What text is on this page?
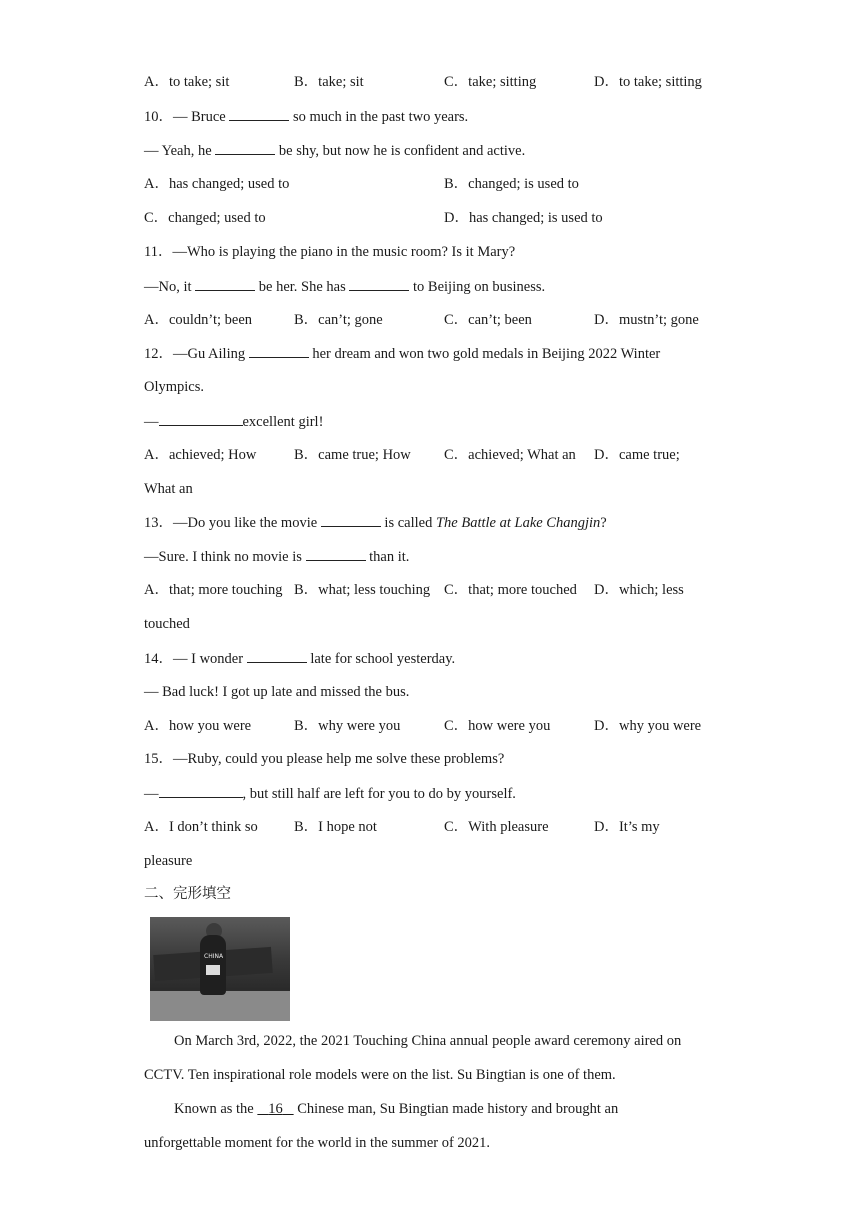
A．to take; sit	B．take; sit	C．take; sitting	D．to take; sitting
10．— Bruce	so much in the past two years.
— Yeah, he	be shy, but now he is confident and active.
A．has changed; used to	B．changed; is used to
C．changed; used to	D．has changed; is used to
11．—Who is playing the piano in the music room? Is it Mary?
—No, it	be her. She has	to Beijing on business.
A．couldn’t; been	B．can’t; gone	C．can’t; been	D．mustn’t; gone
12．—Gu Ailing	her dream and won two gold medals in Beijing 2022 Winter
Olympics.
—	excellent girl!
A．achieved; How	B．came true; How C．achieved; What an D．came true;
What an
13．—Do you like the movie	is called The Battle at Lake Changjin?
—Sure. I think no movie is	than it.
A．that; more touching B．what; less touching C．that; more touched D．which; less
touched
14．— I wonder	late for school yesterday.
— Bad luck! I got up late and missed the bus.
A．how you were	B．why were you	C．how were you	D．why you were
15．—Ruby, could you please help me solve these problems?
—	, but still half are left for you to do by yourself.
A．I don’t think so	B．I hope not	C．With pleasure	D．It’s my
pleasure
二、完形填空
CHINA
On March 3rd, 2022, the 2021 Touching China annual people award ceremony aired on
CCTV. Ten inspirational role models were on the list. Su Bingtian is one of them.
Known as the    16    Chinese man, Su Bingtian made history and brought an
unforgettable moment for the world in the summer of 2021.
